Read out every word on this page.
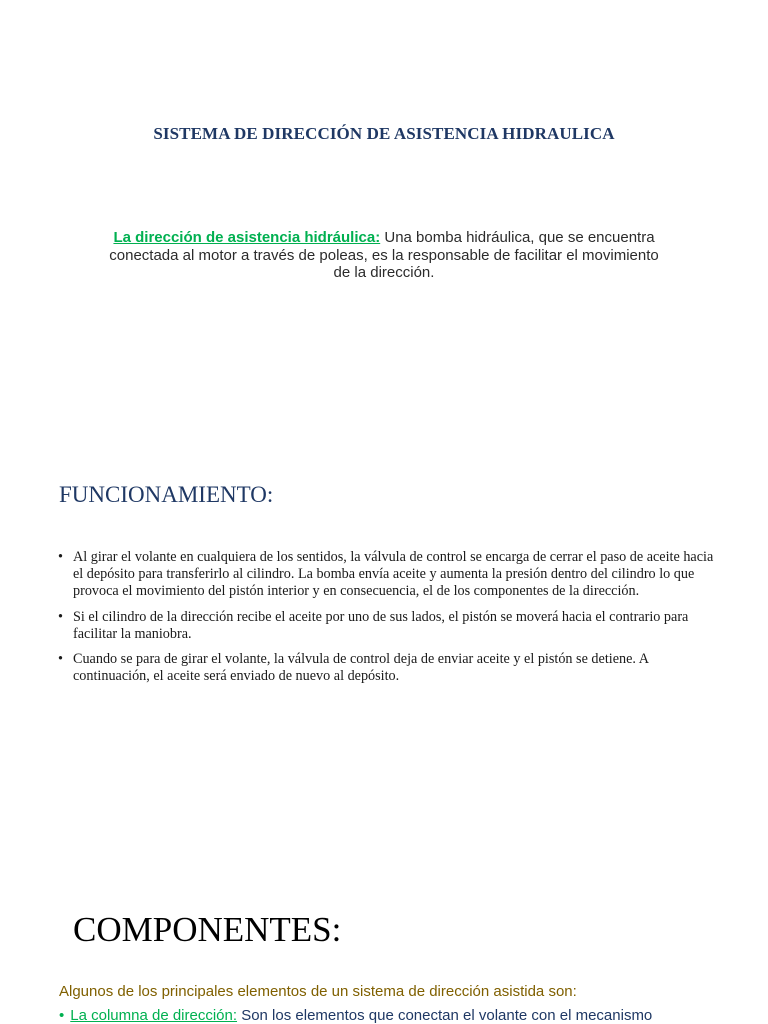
SISTEMA DE DIRECCIÓN DE ASISTENCIA HIDRAULICA
La dirección de asistencia hidráulica: Una bomba hidráulica, que se encuentra conectada al motor a través de poleas, es la responsable de facilitar el movimiento de la dirección.
FUNCIONAMIENTO:
• Al girar el volante en cualquiera de los sentidos, la válvula de control se encarga de cerrar el paso de aceite hacia el depósito para transferirlo al cilindro. La bomba envía aceite y aumenta la presión dentro del cilindro lo que provoca el movimiento del pistón interior y en consecuencia, el de los componentes de la dirección.
• Si el cilindro de la dirección recibe el aceite por uno de sus lados, el pistón se moverá hacia el contrario para facilitar la maniobra.
• Cuando se para de girar el volante, la válvula de control deja de enviar aceite y el pistón se detiene. A continuación, el aceite será enviado de nuevo al depósito.
COMPONENTES:
Algunos de los principales elementos de un sistema de dirección asistida son:
• La columna de dirección: Son los elementos que conectan el volante con el mecanismo
